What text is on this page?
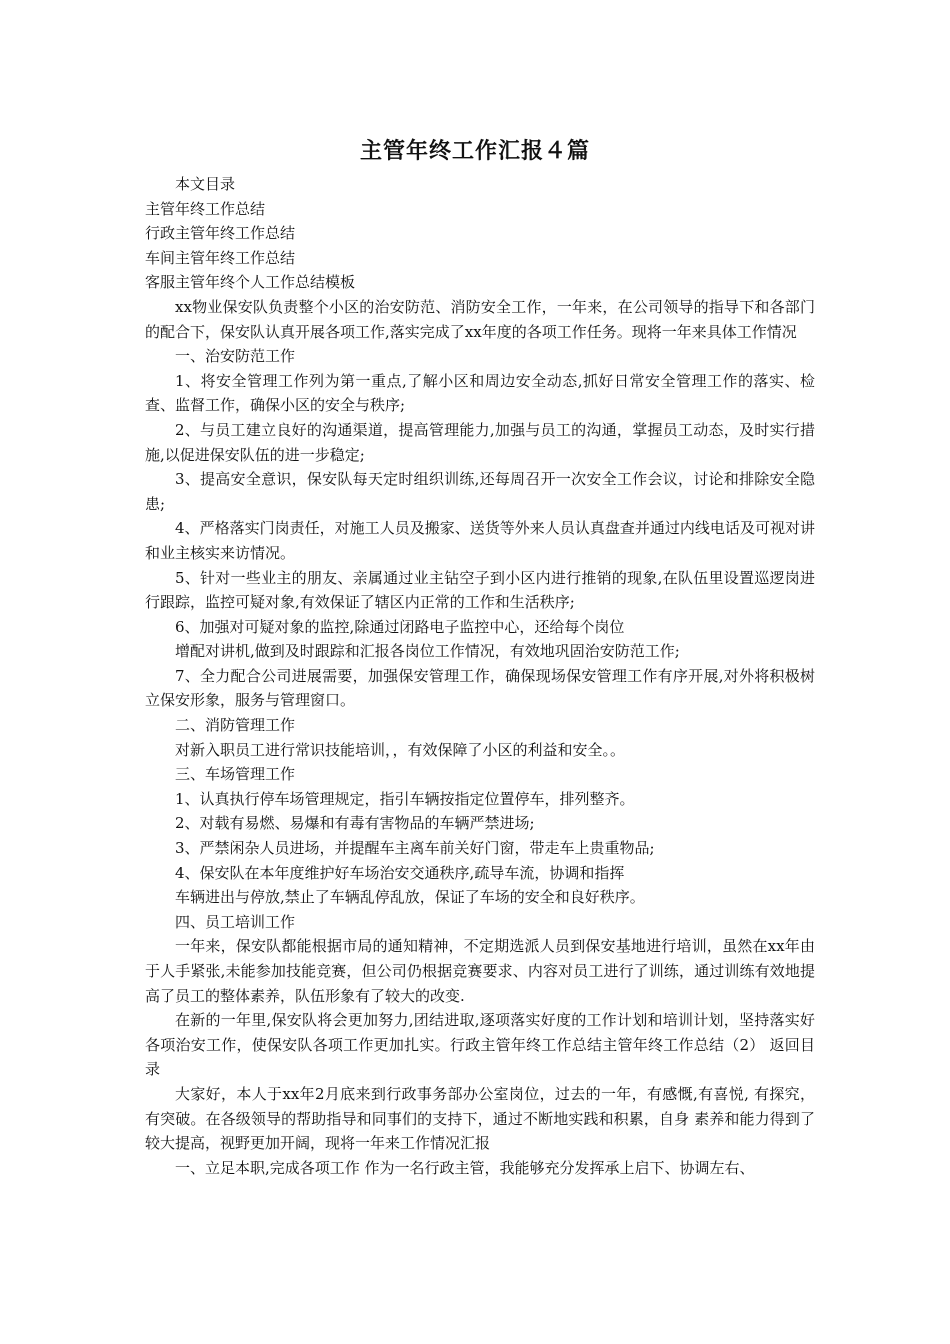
主管年终工作汇报４篇

本文目录

主管年终工作总结

行政主管年终工作总结

车间主管年终工作总结

客服主管年终个人工作总结模板

xx物业保安队负责整个小区的治安防范、消防安全工作，一年来，在公司领导的指导下和各部门的配合下，保安队认真开展各项工作,落实完成了xx年度的各项工作任务。现将一年来具体工作情况

一、治安防范工作

1、将安全管理工作列为第一重点,了解小区和周边安全动态,抓好日常安全管理工作的落实、检查、监督工作，确保小区的安全与秩序;

2、与员工建立良好的沟通渠道，提高管理能力,加强与员工的沟通，掌握员工动态，及时实行措施,以促进保安队伍的进一步稳定;

3、提高安全意识，保安队每天定时组织训练,还每周召开一次安全工作会议，讨论和排除安全隐患;

4、严格落实门岗责任，对施工人员及搬家、送货等外来人员认真盘查并通过内线电话及可视对讲和业主核实来访情况。

5、针对一些业主的朋友、亲属通过业主钻空子到小区内进行推销的现象,在队伍里设置巡逻岗进行跟踪，监控可疑对象,有效保证了辖区内正常的工作和生活秩序;

6、加强对可疑对象的监控,除通过闭路电子监控中心，还给每个岗位

增配对讲机,做到及时跟踪和汇报各岗位工作情况，有效地巩固治安防范工作;

7、全力配合公司进展需要，加强保安管理工作，确保现场保安管理工作有序开展,对外将积极树立保安形象，服务与管理窗口。

二、消防管理工作

对新入职员工进行常识技能培训，，有效保障了小区的利益和安全。。

三、车场管理工作

1、认真执行停车场管理规定，指引车辆按指定位置停车，排列整齐。

2、对载有易燃、易爆和有毒有害物品的车辆严禁进场;

3、严禁闲杂人员进场，并提醒车主离车前关好门窗，带走车上贵重物品;

4、保安队在本年度维护好车场治安交通秩序,疏导车流，协调和指挥

车辆进出与停放,禁止了车辆乱停乱放，保证了车场的安全和良好秩序。

四、员工培训工作

一年来，保安队都能根据市局的通知精神，不定期选派人员到保安基地进行培训，虽然在xx年由于人手紧张,未能参加技能竞赛，但公司仍根据竞赛要求、内容对员工进行了训练，通过训练有效地提高了员工的整体素养，队伍形象有了较大的改变.

在新的一年里,保安队将会更加努力,团结进取,逐项落实好度的工作计划和培训计划，坚持落实好各项治安工作，使保安队各项工作更加扎实。行政主管年终工作总结主管年终工作总结（2） 返回目录

大家好，本人于xx年2月底来到行政事务部办公室岗位，过去的一年，有感慨,有喜悦, 有探究，有突破。在各级领导的帮助指导和同事们的支持下，通过不断地实践和积累，自身 素养和能力得到了较大提高，视野更加开阔，现将一年来工作情况汇报

一、立足本职,完成各项工作 作为一名行政主管，我能够充分发挥承上启下、协调左右、
